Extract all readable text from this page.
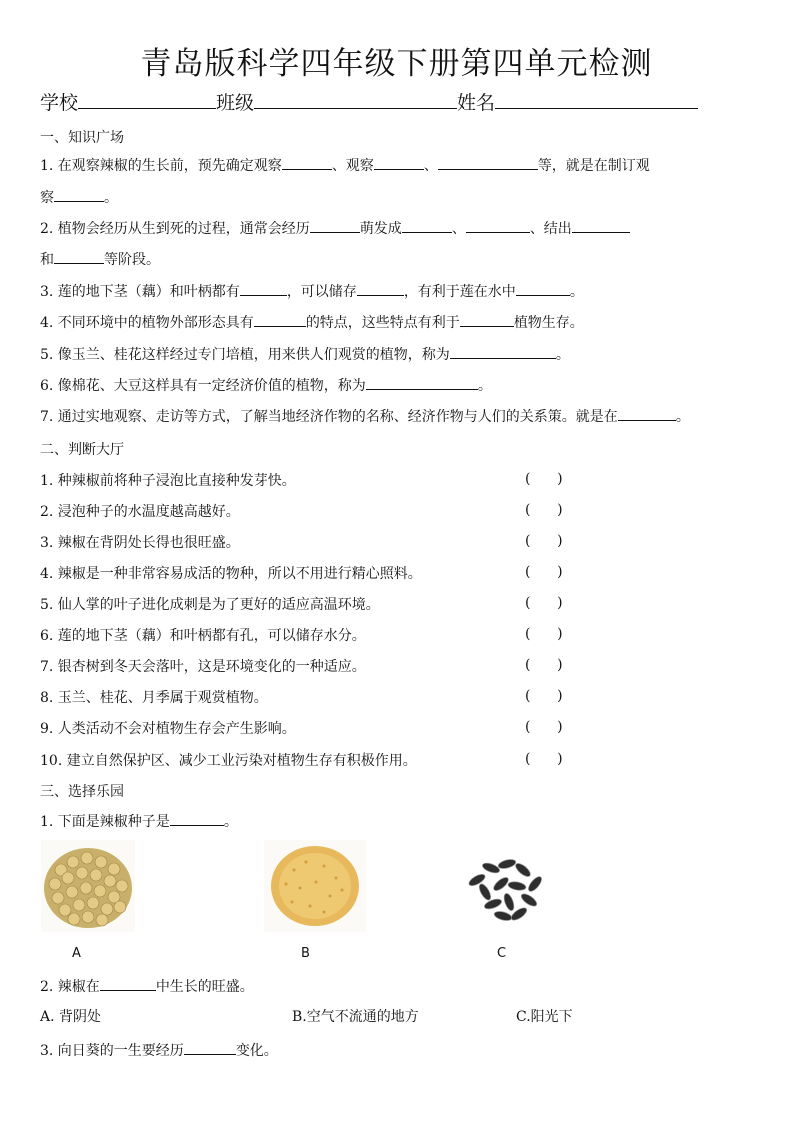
青岛版科学四年级下册第四单元检测
学校	班级	姓名
一、知识广场
1. 在观察辣椒的生长前，预先确定观察	、观察	、	等，就是在制订观
察	。
2. 植物会经历从生到死的过程，通常会经历	萌发成	、	、结出
和	等阶段。
3. 莲的地下茎（藕）和叶柄都有	，可以储存	，有利于莲在水中	。
4. 不同环境中的植物外部形态具有	的特点，这些特点有利于	植物生存。
5. 像玉兰、桂花这样经过专门培植，用来供人们观赏的植物，称为	。
6. 像棉花、大豆这样具有一定经济价值的植物，称为	。
7. 通过实地观察、走访等方式，了解当地经济作物的名称、经济作物与人们的关系策。就是在	。
二、判断大厅
1. 种辣椒前将种子浸泡比直接种发芽快。	(      )
2. 浸泡种子的水温度越高越好。	(      )
3. 辣椒在背阴处长得也很旺盛。	(      )
4. 辣椒是一种非常容易成活的物种，所以不用进行精心照料。	(      )
5. 仙人掌的叶子进化成刺是为了更好的适应高温环境。	(      )
6. 莲的地下茎（藕）和叶柄都有孔，可以储存水分。	(      )
7. 银杏树到冬天会落叶，这是环境变化的一种适应。	(      )
8. 玉兰、桂花、月季属于观赏植物。	(      )
9. 人类活动不会对植物生存会产生影响。	(      )
10. 建立自然保护区、减少工业污染对植物生存有积极作用。	(      )
三、选择乐园
1. 下面是辣椒种子是	。
A	B	C
2. 辣椒在	中生长的旺盛。
A. 背阴处	B.空气不流通的地方	C.阳光下
3. 向日葵的一生要经历	变化。
